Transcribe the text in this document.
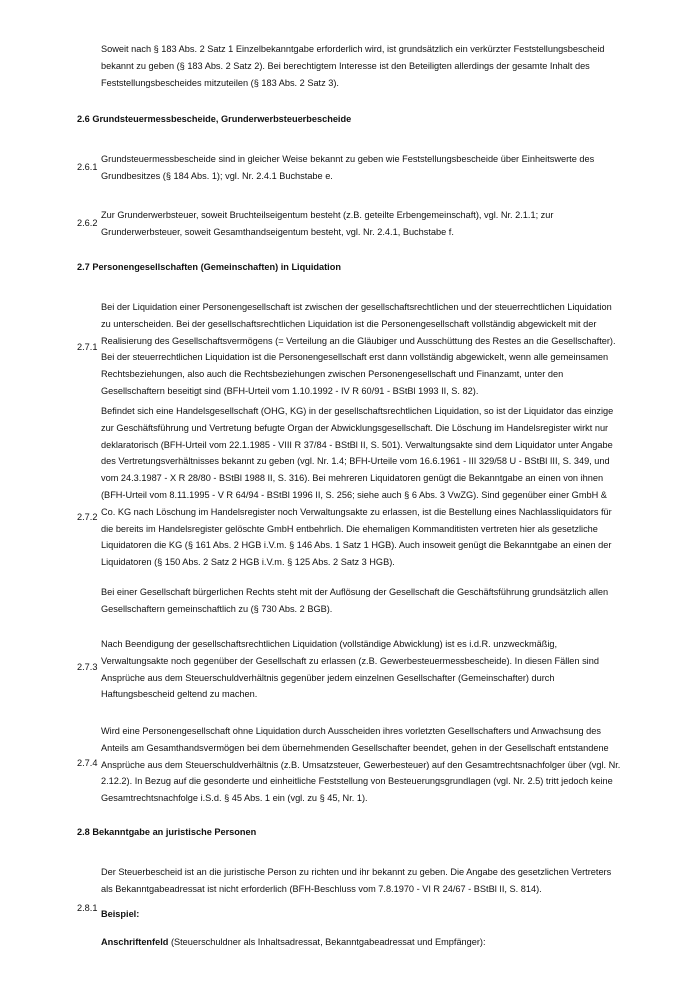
Soweit nach § 183 Abs. 2 Satz 1 Einzelbekanntgabe erforderlich wird, ist grundsätzlich ein verkürzter Feststellungsbescheid bekannt zu geben (§ 183 Abs. 2 Satz 2). Bei berechtigtem Interesse ist den Beteiligten allerdings der gesamte Inhalt des Feststellungsbescheides mitzuteilen (§ 183 Abs. 2 Satz 3).

2.6 Grundsteuermessbescheide, Grunderwerbsteuerbescheide

2.6.1

Grundsteuermessbescheide sind in gleicher Weise bekannt zu geben wie Feststellungsbescheide über Einheitswerte des Grundbesitzes (§ 184 Abs. 1); vgl. Nr. 2.4.1 Buchstabe e.

2.6.2

Zur Grunderwerbsteuer, soweit Bruchteilseigentum besteht (z.B. geteilte Erbengemeinschaft), vgl. Nr. 2.1.1; zur Grunderwerbsteuer, soweit Gesamthandseigentum besteht, vgl. Nr. 2.4.1, Buchstabe f.

2.7 Personengesellschaften (Gemeinschaften) in Liquidation

2.7.1

Bei der Liquidation einer Personengesellschaft ist zwischen der gesellschaftsrechtlichen und der steuerrechtlichen Liquidation zu unterscheiden. Bei der gesellschaftsrechtlichen Liquidation ist die Personengesellschaft vollständig abgewickelt mit der Realisierung des Gesellschaftsvermögens (= Verteilung an die Gläubiger und Ausschüttung des Restes an die Gesellschafter). Bei der steuerrechtlichen Liquidation ist die Personengesellschaft erst dann vollständig abgewickelt, wenn alle gemeinsamen Rechtsbeziehungen, also auch die Rechtsbeziehungen zwischen Personengesellschaft und Finanzamt, unter den Gesellschaftern beseitigt sind (BFH-Urteil vom 1.10.1992 - IV R 60/91 - BStBl 1993 II, S. 82).

2.7.2

Befindet sich eine Handelsgesellschaft (OHG, KG) in der gesellschaftsrechtlichen Liquidation, so ist der Liquidator das einzige zur Geschäftsführung und Vertretung befugte Organ der Abwicklungsgesellschaft. Die Löschung im Handelsregister wirkt nur deklaratorisch (BFH-Urteil vom 22.1.1985 - VIII R 37/84 - BStBl II, S. 501). Verwaltungsakte sind dem Liquidator unter Angabe des Vertretungsverhältnisses bekannt zu geben (vgl. Nr. 1.4; BFH-Urteile vom 16.6.1961 - III 329/58 U - BStBl III, S. 349, und vom 24.3.1987 - X R 28/80 - BStBl 1988 II, S. 316). Bei mehreren Liquidatoren genügt die Bekanntgabe an einen von ihnen (BFH-Urteil vom 8.11.1995 - V R 64/94 - BStBl 1996 II, S. 256; siehe auch § 6 Abs. 3 VwZG). Sind gegenüber einer GmbH & Co. KG nach Löschung im Handelsregister noch Verwaltungsakte zu erlassen, ist die Bestellung eines Nachlassliquidators für die bereits im Handelsregister gelöschte GmbH entbehrlich. Die ehemaligen Kommanditisten vertreten hier als gesetzliche Liquidatoren die KG (§ 161 Abs. 2 HGB i.V.m. § 146 Abs. 1 Satz 1 HGB). Auch insoweit genügt die Bekanntgabe an einen der Liquidatoren (§ 150 Abs. 2 Satz 2 HGB i.V.m. § 125 Abs. 2 Satz 3 HGB).

Bei einer Gesellschaft bürgerlichen Rechts steht mit der Auflösung der Gesellschaft die Geschäftsführung grundsätzlich allen Gesellschaftern gemeinschaftlich zu (§ 730 Abs. 2 BGB).

2.7.3

Nach Beendigung der gesellschaftsrechtlichen Liquidation (vollständige Abwicklung) ist es i.d.R. unzweckmäßig, Verwaltungsakte noch gegenüber der Gesellschaft zu erlassen (z.B. Gewerbesteuermessbescheide). In diesen Fällen sind Ansprüche aus dem Steuerschuldverhältnis gegenüber jedem einzelnen Gesellschafter (Gemeinschafter) durch Haftungsbescheid geltend zu machen.

2.7.4

Wird eine Personengesellschaft ohne Liquidation durch Ausscheiden ihres vorletzten Gesellschafters und Anwachsung des Anteils am Gesamthandsvermögen bei dem übernehmenden Gesellschafter beendet, gehen in der Gesellschaft entstandene Ansprüche aus dem Steuerschuldverhältnis (z.B. Umsatzsteuer, Gewerbesteuer) auf den Gesamtrechtsnachfolger über (vgl. Nr. 2.12.2). In Bezug auf die gesonderte und einheitliche Feststellung von Besteuerungsgrundlagen (vgl. Nr. 2.5) tritt jedoch keine Gesamtrechtsnachfolge i.S.d. § 45 Abs. 1 ein (vgl. zu § 45, Nr. 1).

2.8 Bekanntgabe an juristische Personen

2.8.1

Der Steuerbescheid ist an die juristische Person zu richten und ihr bekannt zu geben. Die Angabe des gesetzlichen Vertreters als Bekanntgabeadressat ist nicht erforderlich (BFH-Beschluss vom 7.8.1970 - VI R 24/67 - BStBl II, S. 814).

Beispiel:

Anschriftenfeld (Steuerschuldner als Inhaltsadressat, Bekanntgabeadressat und Empfänger):
